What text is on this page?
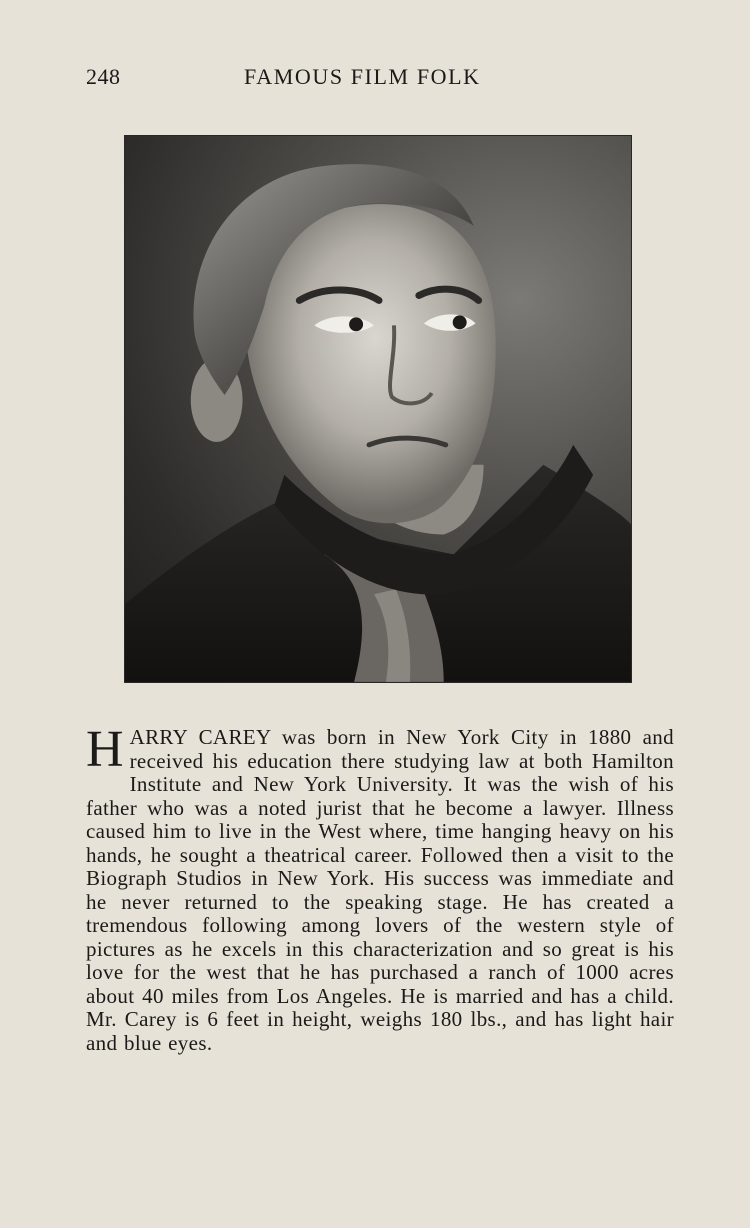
248	FAMOUS FILM FOLK
HARRY CAREY was born in New York City in 1880 and received his education there studying law at both Hamilton Institute and New York University. It was the wish of his father who was a noted jurist that he become a lawyer. Illness caused him to live in the West where, time hanging heavy on his hands, he sought a theatrical career. Followed then a visit to the Biograph Studios in New York. His success was immediate and he never returned to the speaking stage. He has created a tremendous following among lovers of the western style of pictures as he excels in this characterization and so great is his love for the west that he has purchased a ranch of 1000 acres about 40 miles from Los Angeles. He is married and has a child. Mr. Carey is 6 feet in height, weighs 180 lbs., and has light hair and blue eyes.
